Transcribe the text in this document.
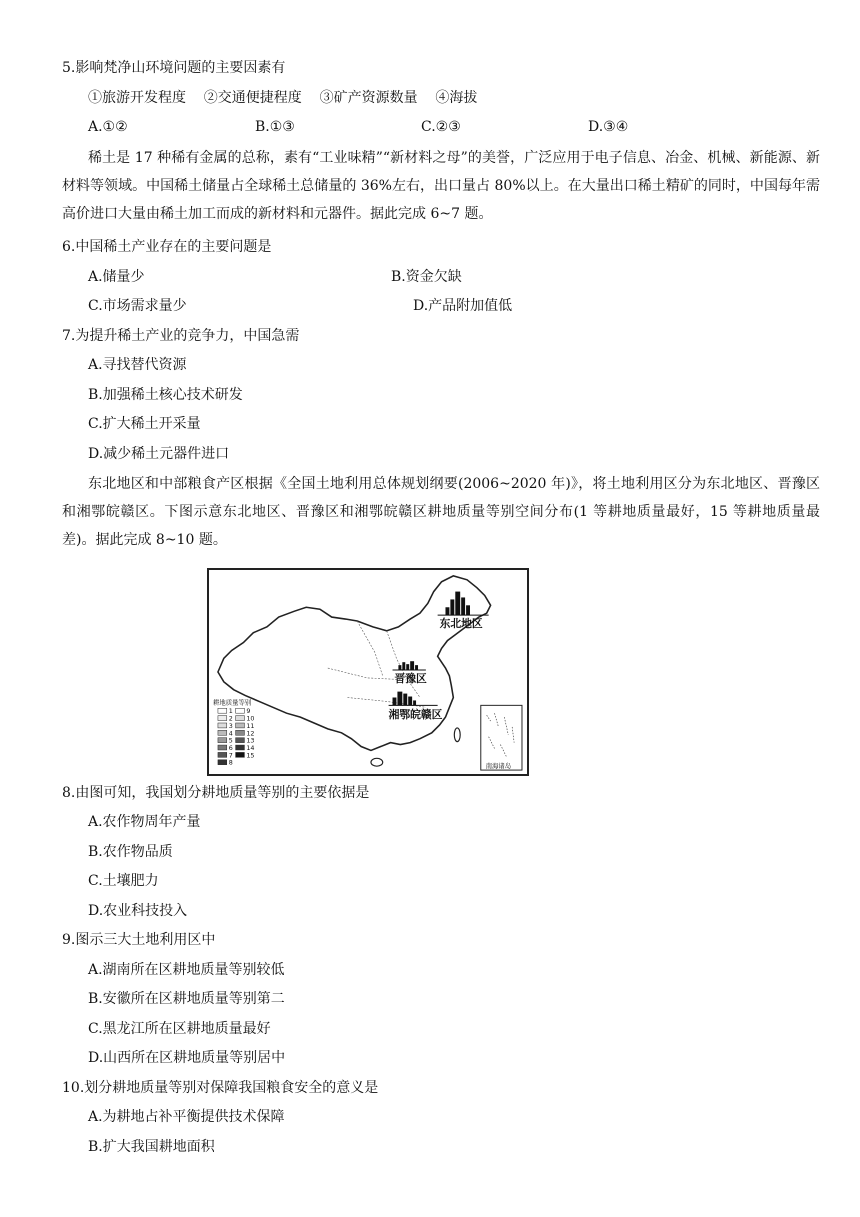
5.影响梵净山环境问题的主要因素有
①旅游开发程度    ②交通便捷程度    ③矿产资源数量    ④海拔
A.①②	B.①③	C.②③	D.③④
稀土是 17 种稀有金属的总称，素有“工业味精”“新材料之母”的美誉，广泛应用于电子信息、冶金、机械、新能源、新材料等领域。中国稀土储量占全球稀土总储量的 36%左右，出口量占 80%以上。在大量出口稀土精矿的同时，中国每年需高价进口大量由稀土加工而成的新材料和元器件。据此完成 6~7 题。
6.中国稀土产业存在的主要问题是
A.储量少	B.资金欠缺
C.市场需求量少	D.产品附加值低
7.为提升稀土产业的竞争力，中国急需
A.寻找替代资源
B.加强稀土核心技术研发
C.扩大稀土开采量
D.减少稀土元器件进口
东北地区和中部粮食产区根据《全国土地利用总体规划纲要(2006~2020 年)》，将土地利用区分为东北地区、晋豫区和湘鄂皖赣区。下图示意东北地区、晋豫区和湘鄂皖赣区耕地质量等别空间分布(1 等耕地质量最好，15 等耕地质量最差)。据此完成 8~10 题。
东北地区
晋豫区
湘鄂皖赣区
耕地质量等别
1
2
3
4
5
6
7
8
9
10
11
12
13
14
15
南海诸岛
8.由图可知，我国划分耕地质量等别的主要依据是
A.农作物周年产量
B.农作物品质
C.土壤肥力
D.农业科技投入
9.图示三大土地利用区中
A.湖南所在区耕地质量等别较低
B.安徽所在区耕地质量等别第二
C.黑龙江所在区耕地质量最好
D.山西所在区耕地质量等别居中
10.划分耕地质量等别对保障我国粮食安全的意义是
A.为耕地占补平衡提供技术保障
B.扩大我国耕地面积
